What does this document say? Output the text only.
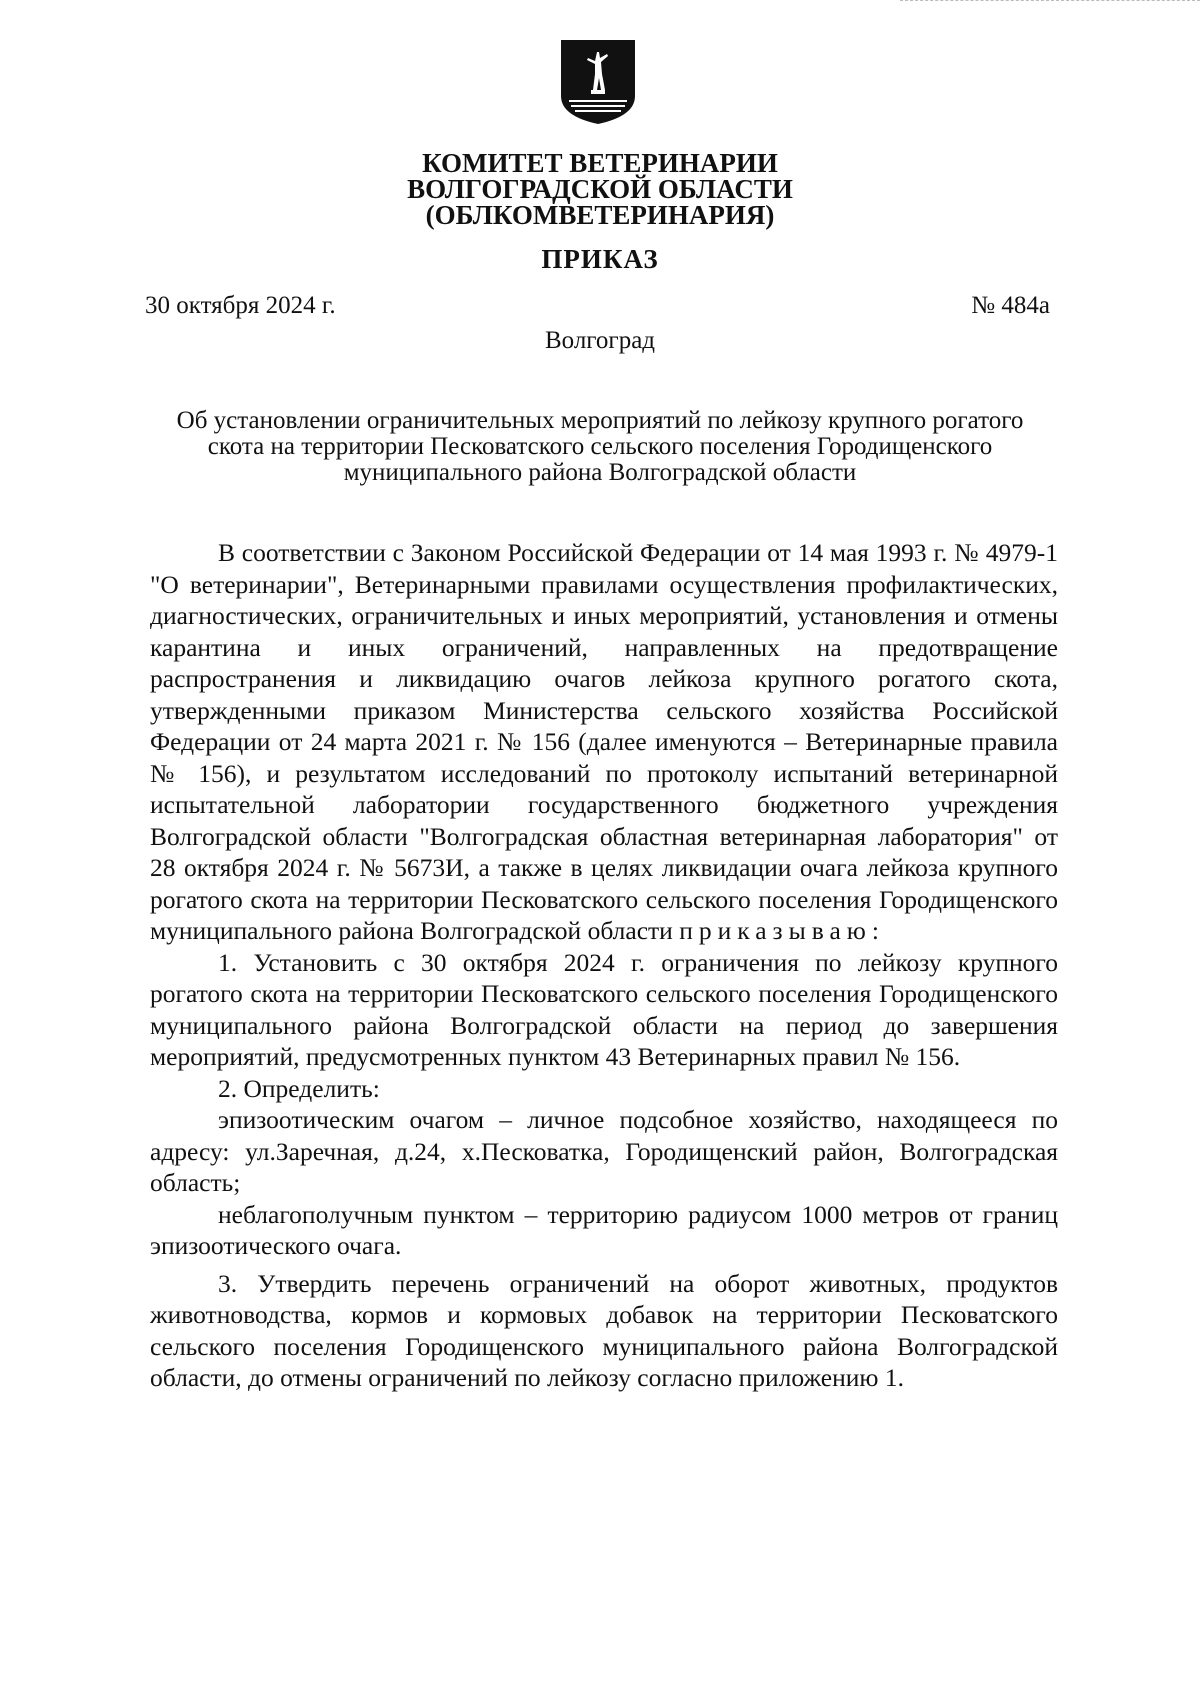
КОМИТЕТ ВЕТЕРИНАРИИ
ВОЛГОГРАДСКОЙ ОБЛАСТИ
(ОБЛКОМВЕТЕРИНАРИЯ)
ПРИКАЗ
30 октября 2024 г.	№ 484а
Волгоград
Об установлении ограничительных мероприятий по лейкозу крупного рогатого скота на территории Песковатского сельского поселения Городищенского муниципального района Волгоградской области

В соответствии с Законом Российской Федерации от 14 мая 1993 г. № 4979-1 "О ветеринарии", Ветеринарными правилами осуществления профилактических, диагностических, ограничительных и иных мероприятий, установления и отмены карантина и иных ограничений, направленных на предотвращение распространения и ликвидацию очагов лейкоза крупного рогатого скота, утвержденными приказом Министерства сельского хозяйства Российской Федерации от 24 марта 2021 г. № 156 (далее именуются – Ветеринарные правила № 156), и результатом исследований по протоколу испытаний ветеринарной испытательной лаборатории государственного бюджетного учреждения Волгоградской области "Волгоградская областная ветеринарная лаборатория" от 28 октября 2024 г. № 5673И, а также в целях ликвидации очага лейкоза крупного рогатого скота на территории Песковатского сельского поселения Городищенского муниципального района Волгоградской области приказываю:

1. Установить с 30 октября 2024 г. ограничения по лейкозу крупного рогатого скота на территории Песковатского сельского поселения Городищенского муниципального района Волгоградской области на период до завершения мероприятий, предусмотренных пунктом 43 Ветеринарных правил № 156.

2. Определить:

эпизоотическим очагом – личное подсобное хозяйство, находящееся по адресу: ул.Заречная, д.24, х.Песковатка, Городищенский район, Волгоградская область;

неблагополучным пунктом – территорию радиусом 1000 метров от границ эпизоотического очага.

3. Утвердить перечень ограничений на оборот животных, продуктов животноводства, кормов и кормовых добавок на территории Песковатского сельского поселения Городищенского муниципального района Волгоградской области, до отмены ограничений по лейкозу согласно приложению 1.
